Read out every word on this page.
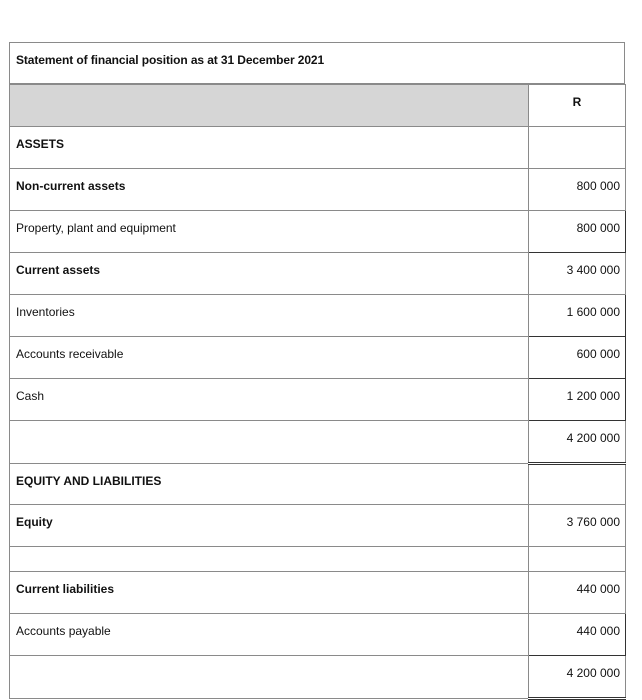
Statement of financial position as at 31 December 2021
	R
ASSETS	
Non-current assets	800 000
Property, plant and equipment	800 000
Current assets	3 400 000
Inventories	1 600 000
Accounts receivable	600 000
Cash	1 200 000
	4 200 000
EQUITY AND LIABILITIES	
Equity	3 760 000

Current liabilities	440 000
Accounts payable	440 000
	4 200 000
